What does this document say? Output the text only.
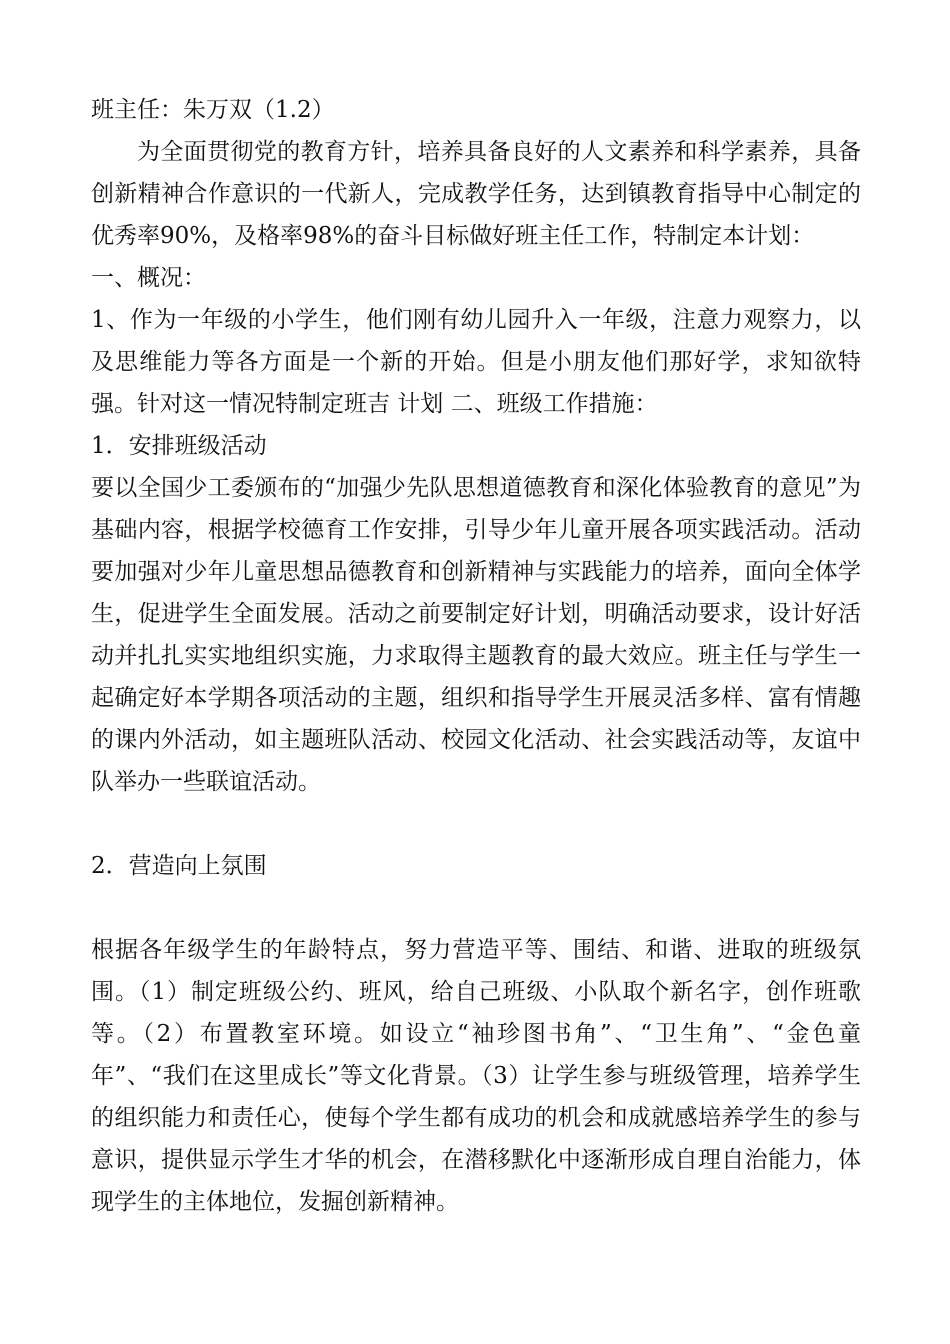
班主任：朱万双（1.2）

为全面贯彻党的教育方针，培养具备良好的人文素养和科学素养，具备创新精神合作意识的一代新人，完成教学任务，达到镇教育指导中心制定的优秀率90%，及格率98%的奋斗目标做好班主任工作，特制定本计划：

一、概况：

1、作为一年级的小学生，他们刚有幼儿园升入一年级，注意力观察力，以及思维能力等各方面是一个新的开始。但是小朋友他们那好学，求知欲特强。针对这一情况特制定班吉 计划 二、班级工作措施：

1．安排班级活动

要以全国少工委颁布的“加强少先队思想道德教育和深化体验教育的意见”为基础内容，根据学校德育工作安排，引导少年儿童开展各项实践活动。活动要加强对少年儿童思想品德教育和创新精神与实践能力的培养，面向全体学生，促进学生全面发展。活动之前要制定好计划，明确活动要求，设计好活动并扎扎实实地组织实施，力求取得主题教育的最大效应。班主任与学生一起确定好本学期各项活动的主题，组织和指导学生开展灵活多样、富有情趣的课内外活动，如主题班队活动、校园文化活动、社会实践活动等，友谊中队举办一些联谊活动。

2．营造向上氛围

根据各年级学生的年龄特点，努力营造平等、围结、和谐、进取的班级氛围。（1）制定班级公约、班风，给自己班级、小队取个新名字，创作班歌等。（2）布置教室环境。如设立“袖珍图书角”、“卫生角”、“金色童年”、“我们在这里成长”等文化背景。（3）让学生参与班级管理，培养学生的组织能力和责任心，使每个学生都有成功的机会和成就感培养学生的参与意识，提供显示学生才华的机会，在潜移默化中逐渐形成自理自治能力，体现学生的主体地位，发掘创新精神。
